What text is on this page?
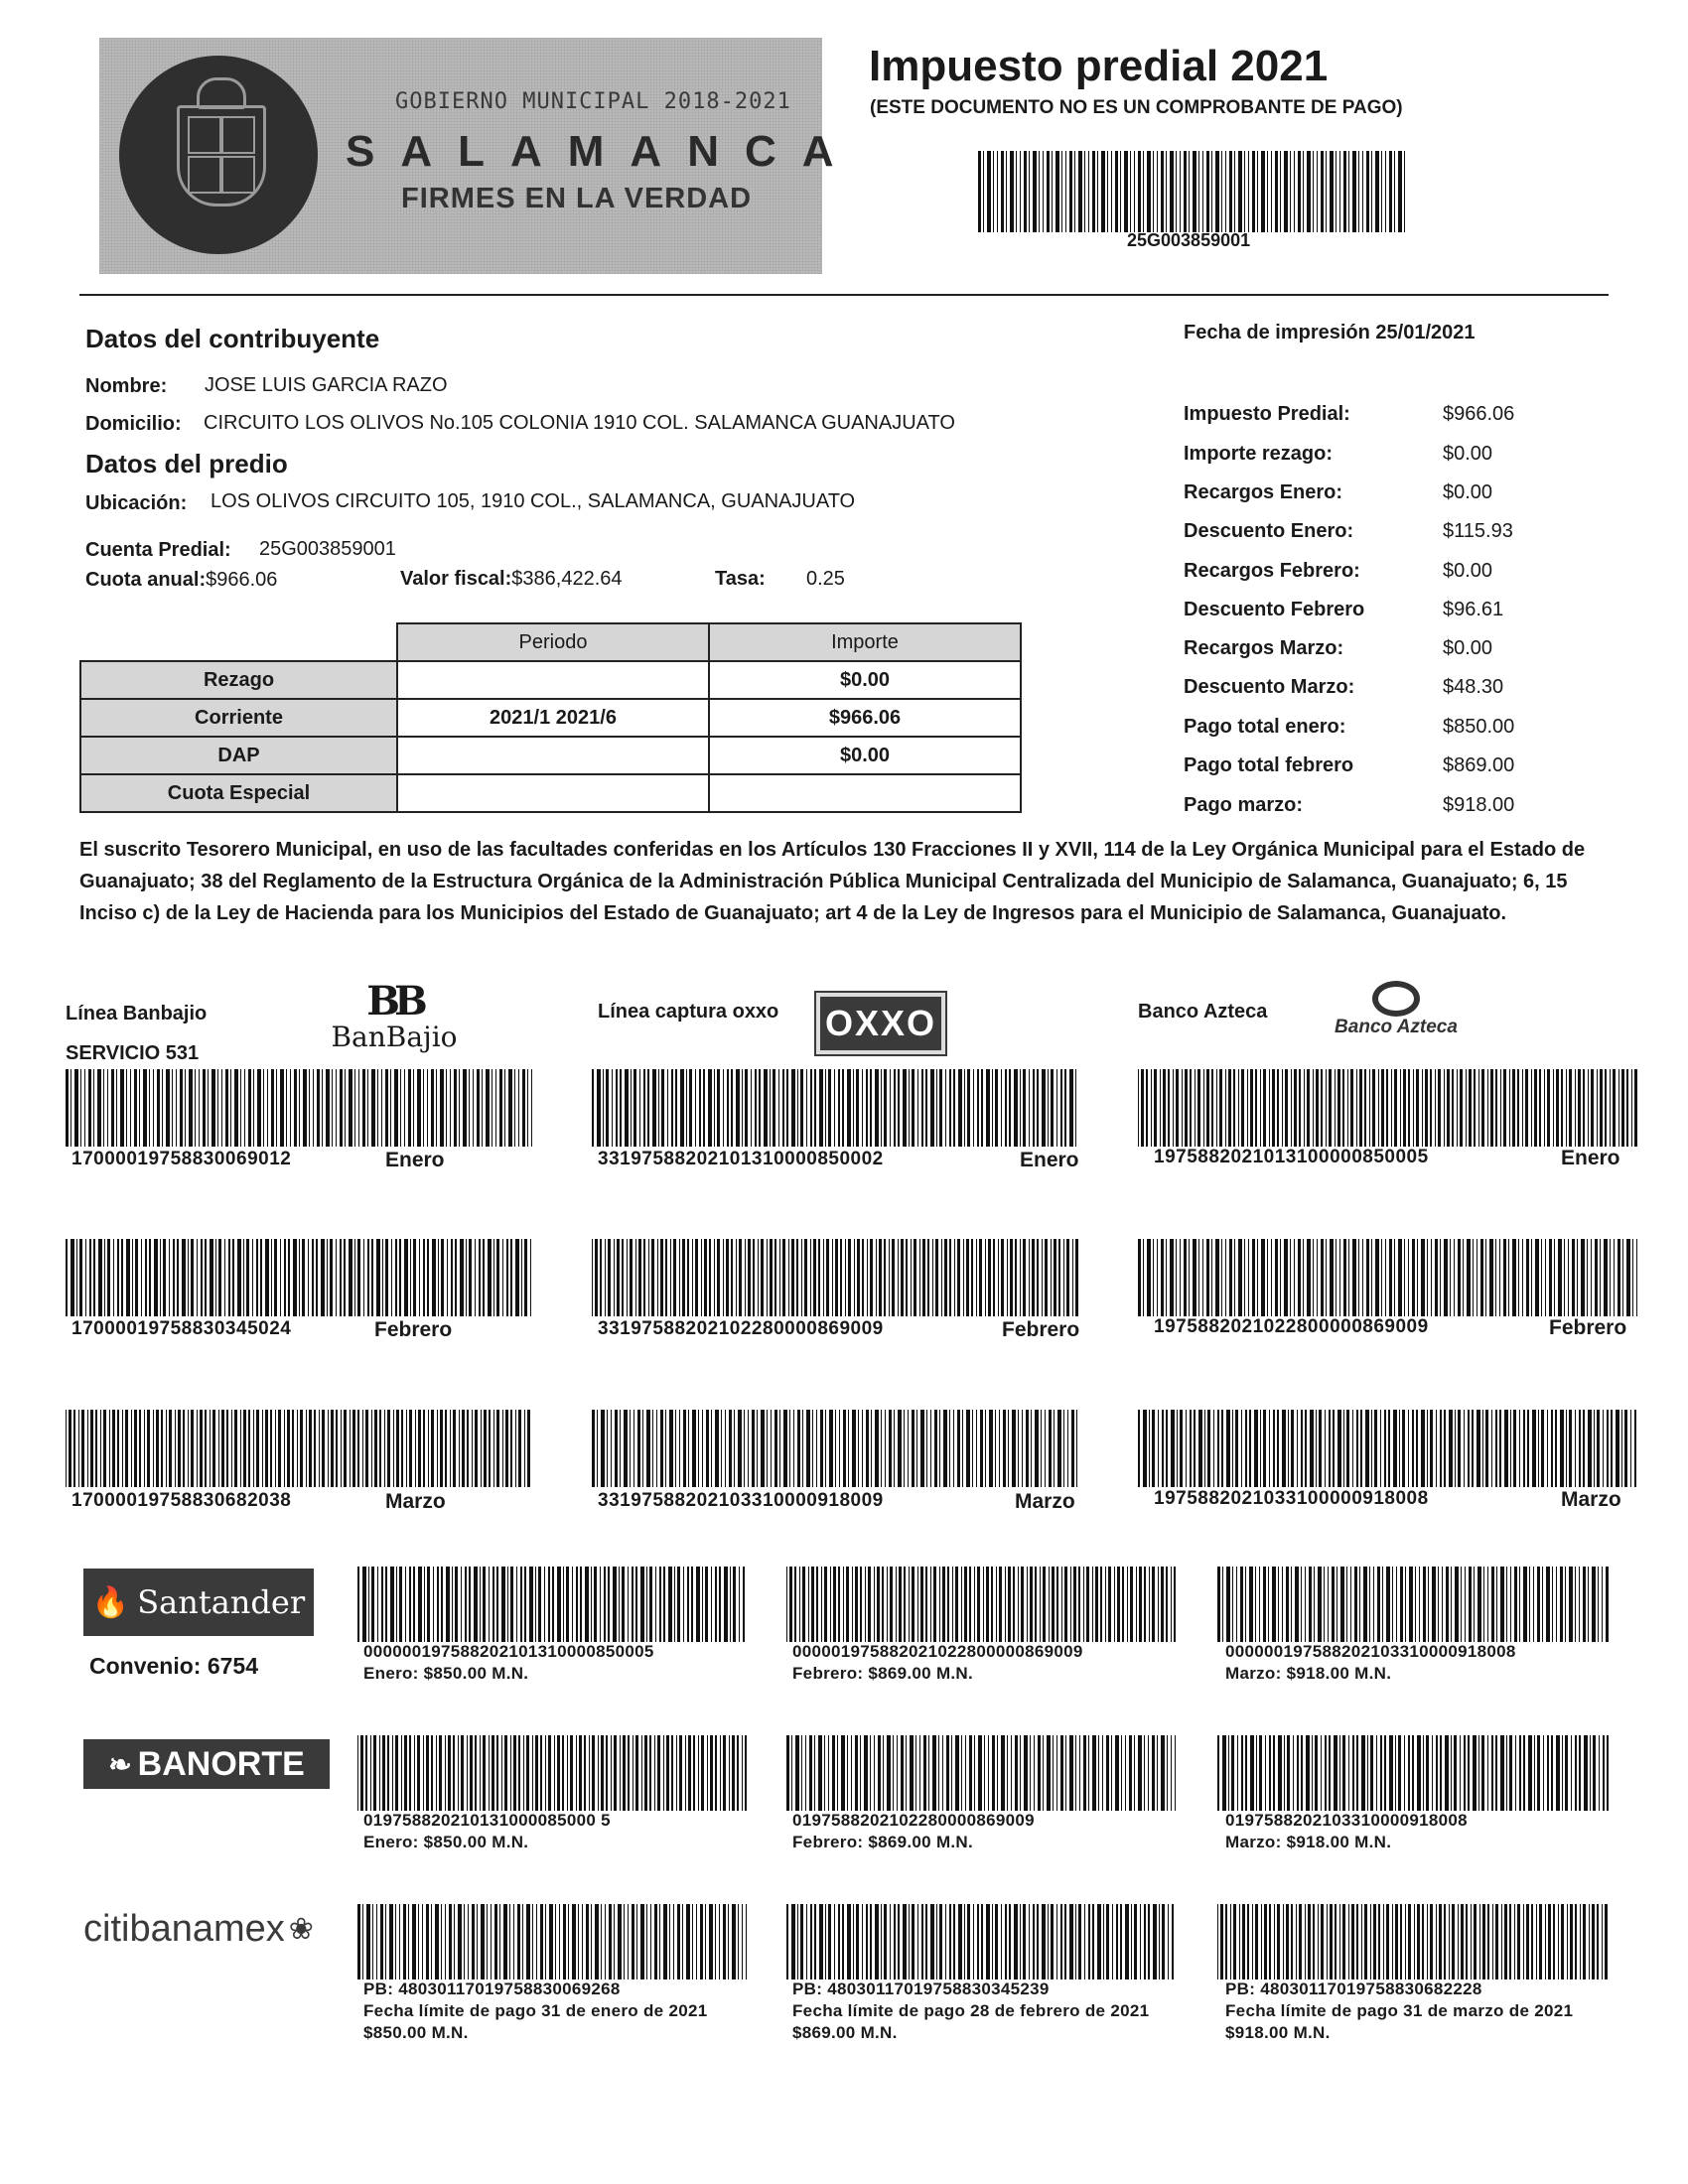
GOBIERNO MUNICIPAL 2018-2021
SALAMANCA
FIRMES EN LA VERDAD
Impuesto predial 2021
(ESTE DOCUMENTO NO ES UN COMPROBANTE DE PAGO)
25G003859001
Datos del contribuyente
Nombre: JOSE LUIS GARCIA RAZO
Domicilio: CIRCUITO LOS OLIVOS No.105 COLONIA 1910 COL. SALAMANCA GUANAJUATO
Datos del predio
Ubicación: LOS OLIVOS CIRCUITO 105, 1910 COL., SALAMANCA, GUANAJUATO
Cuenta Predial: 25G003859001
Cuota anual:$966.06	Valor fiscal:$386,422.64	Tasa: 0.25
	Periodo	Importe
Rezago		$0.00
Corriente	2021/1 2021/6	$966.06
DAP		$0.00
Cuota Especial		
Fecha de impresión 25/01/2021
Impuesto Predial:	$966.06
Importe rezago:	$0.00
Recargos Enero:	$0.00
Descuento Enero:	$115.93
Recargos Febrero:	$0.00
Descuento Febrero	$96.61
Recargos Marzo:	$0.00
Descuento Marzo:	$48.30
Pago total enero:	$850.00
Pago total febrero	$869.00
Pago marzo:	$918.00
El suscrito Tesorero Municipal, en uso de las facultades conferidas en los Artículos 130 Fracciones II y XVII, 114 de la Ley Orgánica Municipal para el Estado de Guanajuato; 38 del Reglamento de la Estructura Orgánica de la Administración Pública Municipal Centralizada del Municipio de Salamanca, Guanajuato; 6, 15 Inciso c) de la Ley de Hacienda para los Municipios del Estado de Guanajuato; art 4 de la Ley de Ingresos para el Municipio de Salamanca, Guanajuato.
Línea Banbajio
SERVICIO 531
BB
BanBajio
Línea captura oxxo OXXO	Banco Azteca
Banco Azteca
17000019758830069012	Enero	33197588202101310000850002	Enero	1975882021013100000850005	Enero
17000019758830345024	Febrero	33197588202102280000869009	Febrero	1975882021022800000869009	Febrero
17000019758830682038	Marzo	33197588202103310000918009	Marzo	1975882021033100000918008	Marzo
🔥 Santander
Convenio: 6754
000000197588202101310000850005
Enero: $850.00 M.N.
000001975882021022800000869009
Febrero: $869.00 M.N.
000000197588202103310000918008
Marzo: $918.00 M.N.
❧ BANORTE
019758820210131000085000 5
Enero: $850.00 M.N.
0197588202102280000869009
Febrero: $869.00 M.N.
0197588202103310000918008
Marzo: $918.00 M.N.
citibanamex ❀
PB: 48030117019758830069268
Fecha límite de pago 31 de enero de 2021
$850.00 M.N.
PB: 48030117019758830345239
Fecha límite de pago 28 de febrero de 2021
$869.00 M.N.
PB: 48030117019758830682228
Fecha límite de pago 31 de marzo de 2021
$918.00 M.N.
